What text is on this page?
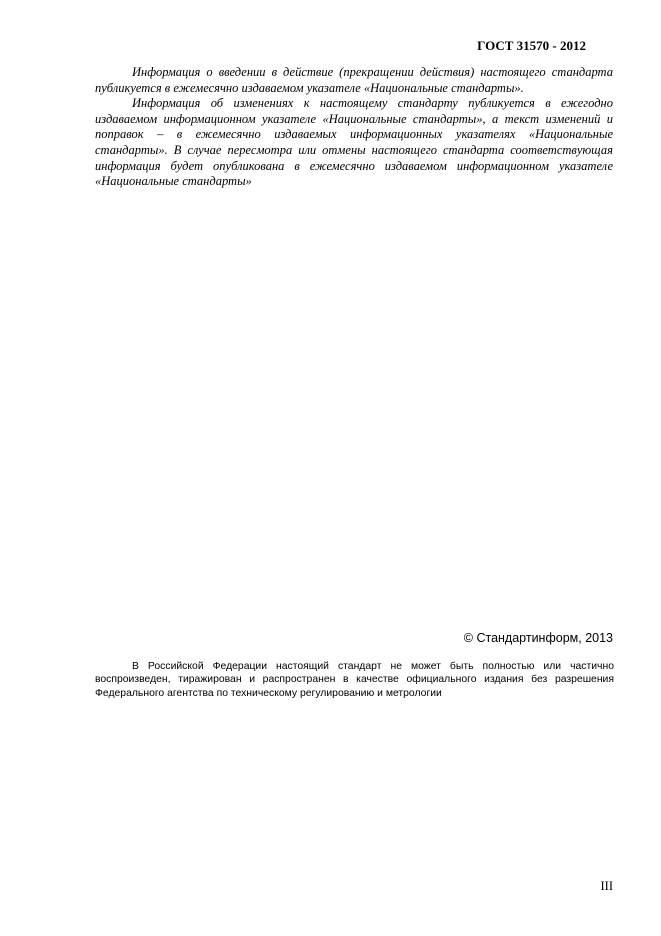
ГОСТ 31570 - 2012

Информация о введении в действие (прекращении действия) настоящего стандарта публикуется в ежемесячно издаваемом указателе «Национальные стандарты».

Информация об изменениях к настоящему стандарту публикуется в ежегодно издаваемом информационном указателе «Национальные стандарты», а текст изменений и поправок – в ежемесячно издаваемых информационных указателях «Национальные стандарты». В случае пересмотра или отмены настоящего стандарта соответствующая информация будет опубликована в ежемесячно издаваемом информационном указателе «Национальные стандарты»

© Стандартинформ, 2013

В Российской Федерации настоящий стандарт не может быть полностью или частично воспроизведен, тиражирован и распространен в качестве официального издания без разрешения Федерального агентства по техническому регулированию и метрологии

III
